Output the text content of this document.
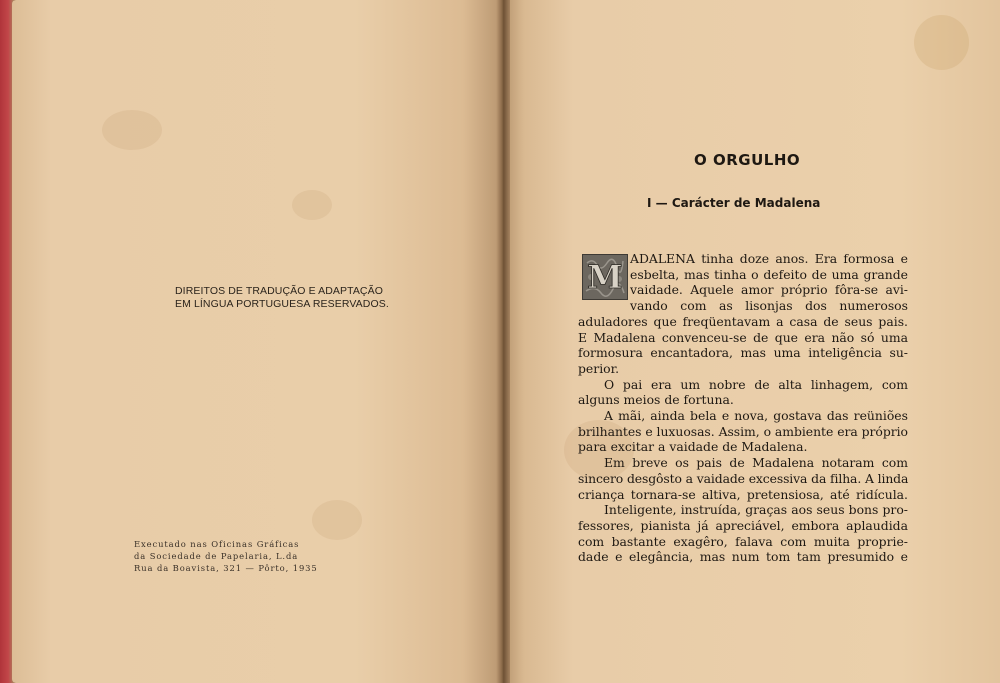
DIREITOS DE TRADUÇÃO E ADAPTAÇÃO
EM LÍNGUA PORTUGUESA RESERVADOS.
Executado nas Oficinas Gráficas
da Sociedade de Papelaria, L.da
Rua da Boavista, 321 — Pôrto, 1935
O ORGULHO
I — Carácter de Madalena
M ADALENA tinha doze anos. Era formosa e
esbelta, mas tinha o defeito de uma grande
vaidade. Aquele amor próprio fôra-se avi-
vando com as lisonjas dos numerosos
aduladores que freqüentavam a casa de seus pais.
E Madalena convenceu-se de que era não só uma
formosura encantadora, mas uma inteligência su-
perior.
O pai era um nobre de alta linhagem, com
alguns meios de fortuna.
A mãi, ainda bela e nova, gostava das reüniões
brilhantes e luxuosas. Assim, o ambiente era próprio
para excitar a vaidade de Madalena.
Em breve os pais de Madalena notaram com
sincero desgôsto a vaidade excessiva da filha. A linda
criança tornara-se altiva, pretensiosa, até ridícula.
Inteligente, instruída, graças aos seus bons pro-
fessores, pianista já apreciável, embora aplaudida
com bastante exagêro, falava com muita proprie-
dade e elegância, mas num tom tam presumido e
